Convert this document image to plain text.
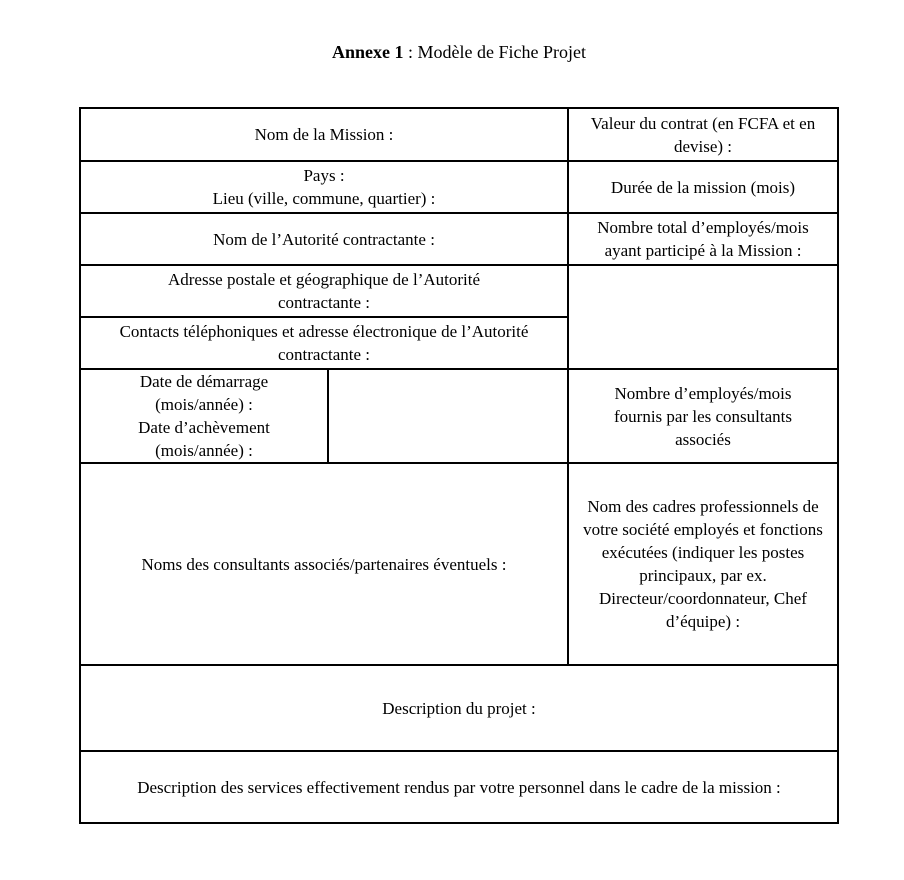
Annexe 1 : Modèle de Fiche Projet
Nom de la Mission :
Valeur du contrat (en FCFA et en devise) :
Pays :
Lieu (ville, commune, quartier) :
Durée de la mission (mois)
Nom de l’Autorité contractante :
Nombre total d’employés/mois ayant participé à la Mission :
Adresse postale et géographique de l’Autorité contractante :
Contacts téléphoniques et adresse électronique de l’Autorité contractante :
Date de démarrage (mois/année) :
Date d’achèvement (mois/année) :
Nombre d’employés/mois fournis par les consultants associés
Noms des consultants associés/partenaires éventuels :
Nom des cadres professionnels de votre société employés et fonctions exécutées (indiquer les postes principaux, par ex. Directeur/coordonnateur, Chef d’équipe) :
Description du projet :
Description des services effectivement rendus par votre personnel dans le cadre de la mission :
